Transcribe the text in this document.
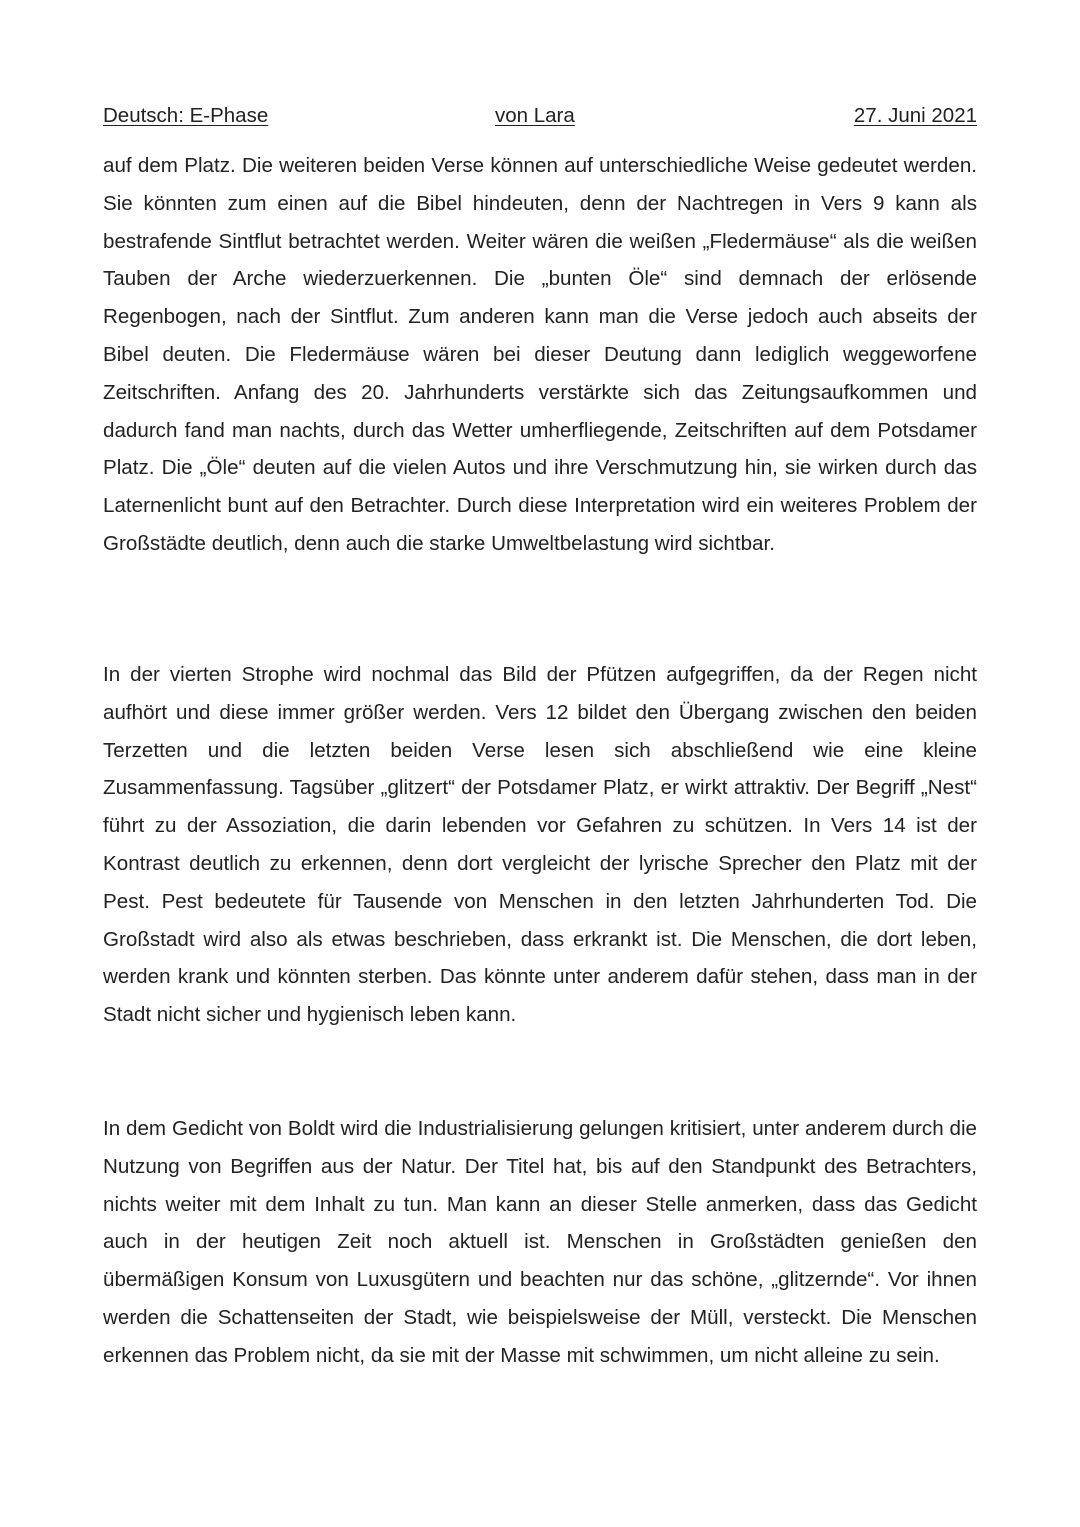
Deutsch: E-Phase	von Lara	27. Juni 2021

auf dem Platz. Die weiteren beiden Verse können auf unterschiedliche Weise gedeutet werden. Sie könnten zum einen auf die Bibel hindeuten, denn der Nachtregen in Vers 9 kann als bestrafende Sintflut betrachtet werden. Weiter wären die weißen „Fledermäuse“ als die weißen Tauben der Arche wiederzuerkennen. Die „bunten Öle“ sind demnach der erlösende Regenbogen, nach der Sintflut. Zum anderen kann man die Verse jedoch auch abseits der Bibel deuten. Die Fledermäuse wären bei dieser Deutung dann lediglich weggeworfene Zeitschriften. Anfang des 20. Jahrhunderts verstärkte sich das Zeitungsaufkommen und dadurch fand man nachts, durch das Wetter umherfliegende, Zeitschriften auf dem Potsdamer Platz. Die „Öle“ deuten auf die vielen Autos und ihre Verschmutzung hin, sie wirken durch das Laternenlicht bunt auf den Betrachter. Durch diese Interpretation wird ein weiteres Problem der Großstädte deutlich, denn auch die starke Umweltbelastung wird sichtbar.

In der vierten Strophe wird nochmal das Bild der Pfützen aufgegriffen, da der Regen nicht aufhört und diese immer größer werden. Vers 12 bildet den Übergang zwischen den beiden Terzetten und die letzten beiden Verse lesen sich abschließend wie eine kleine Zusammenfassung. Tagsüber „glitzert“ der Potsdamer Platz, er wirkt attraktiv. Der Begriff „Nest“ führt zu der Assoziation, die darin lebenden vor Gefahren zu schützen. In Vers 14 ist der Kontrast deutlich zu erkennen, denn dort vergleicht der lyrische Sprecher den Platz mit der Pest. Pest bedeutete für Tausende von Menschen in den letzten Jahrhunderten Tod. Die Großstadt wird also als etwas beschrieben, dass erkrankt ist. Die Menschen, die dort leben, werden krank und könnten sterben. Das könnte unter anderem dafür stehen, dass man in der Stadt nicht sicher und hygienisch leben kann.

In dem Gedicht von Boldt wird die Industrialisierung gelungen kritisiert, unter anderem durch die Nutzung von Begriffen aus der Natur. Der Titel hat, bis auf den Standpunkt des Betrachters, nichts weiter mit dem Inhalt zu tun. Man kann an dieser Stelle anmerken, dass das Gedicht auch in der heutigen Zeit noch aktuell ist. Menschen in Großstädten genießen den übermäßigen Konsum von Luxusgütern und beachten nur das schöne, „glitzernde“. Vor ihnen werden die Schattenseiten der Stadt, wie beispielsweise der Müll, versteckt. Die Menschen erkennen das Problem nicht, da sie mit der Masse mit schwimmen, um nicht alleine zu sein.
